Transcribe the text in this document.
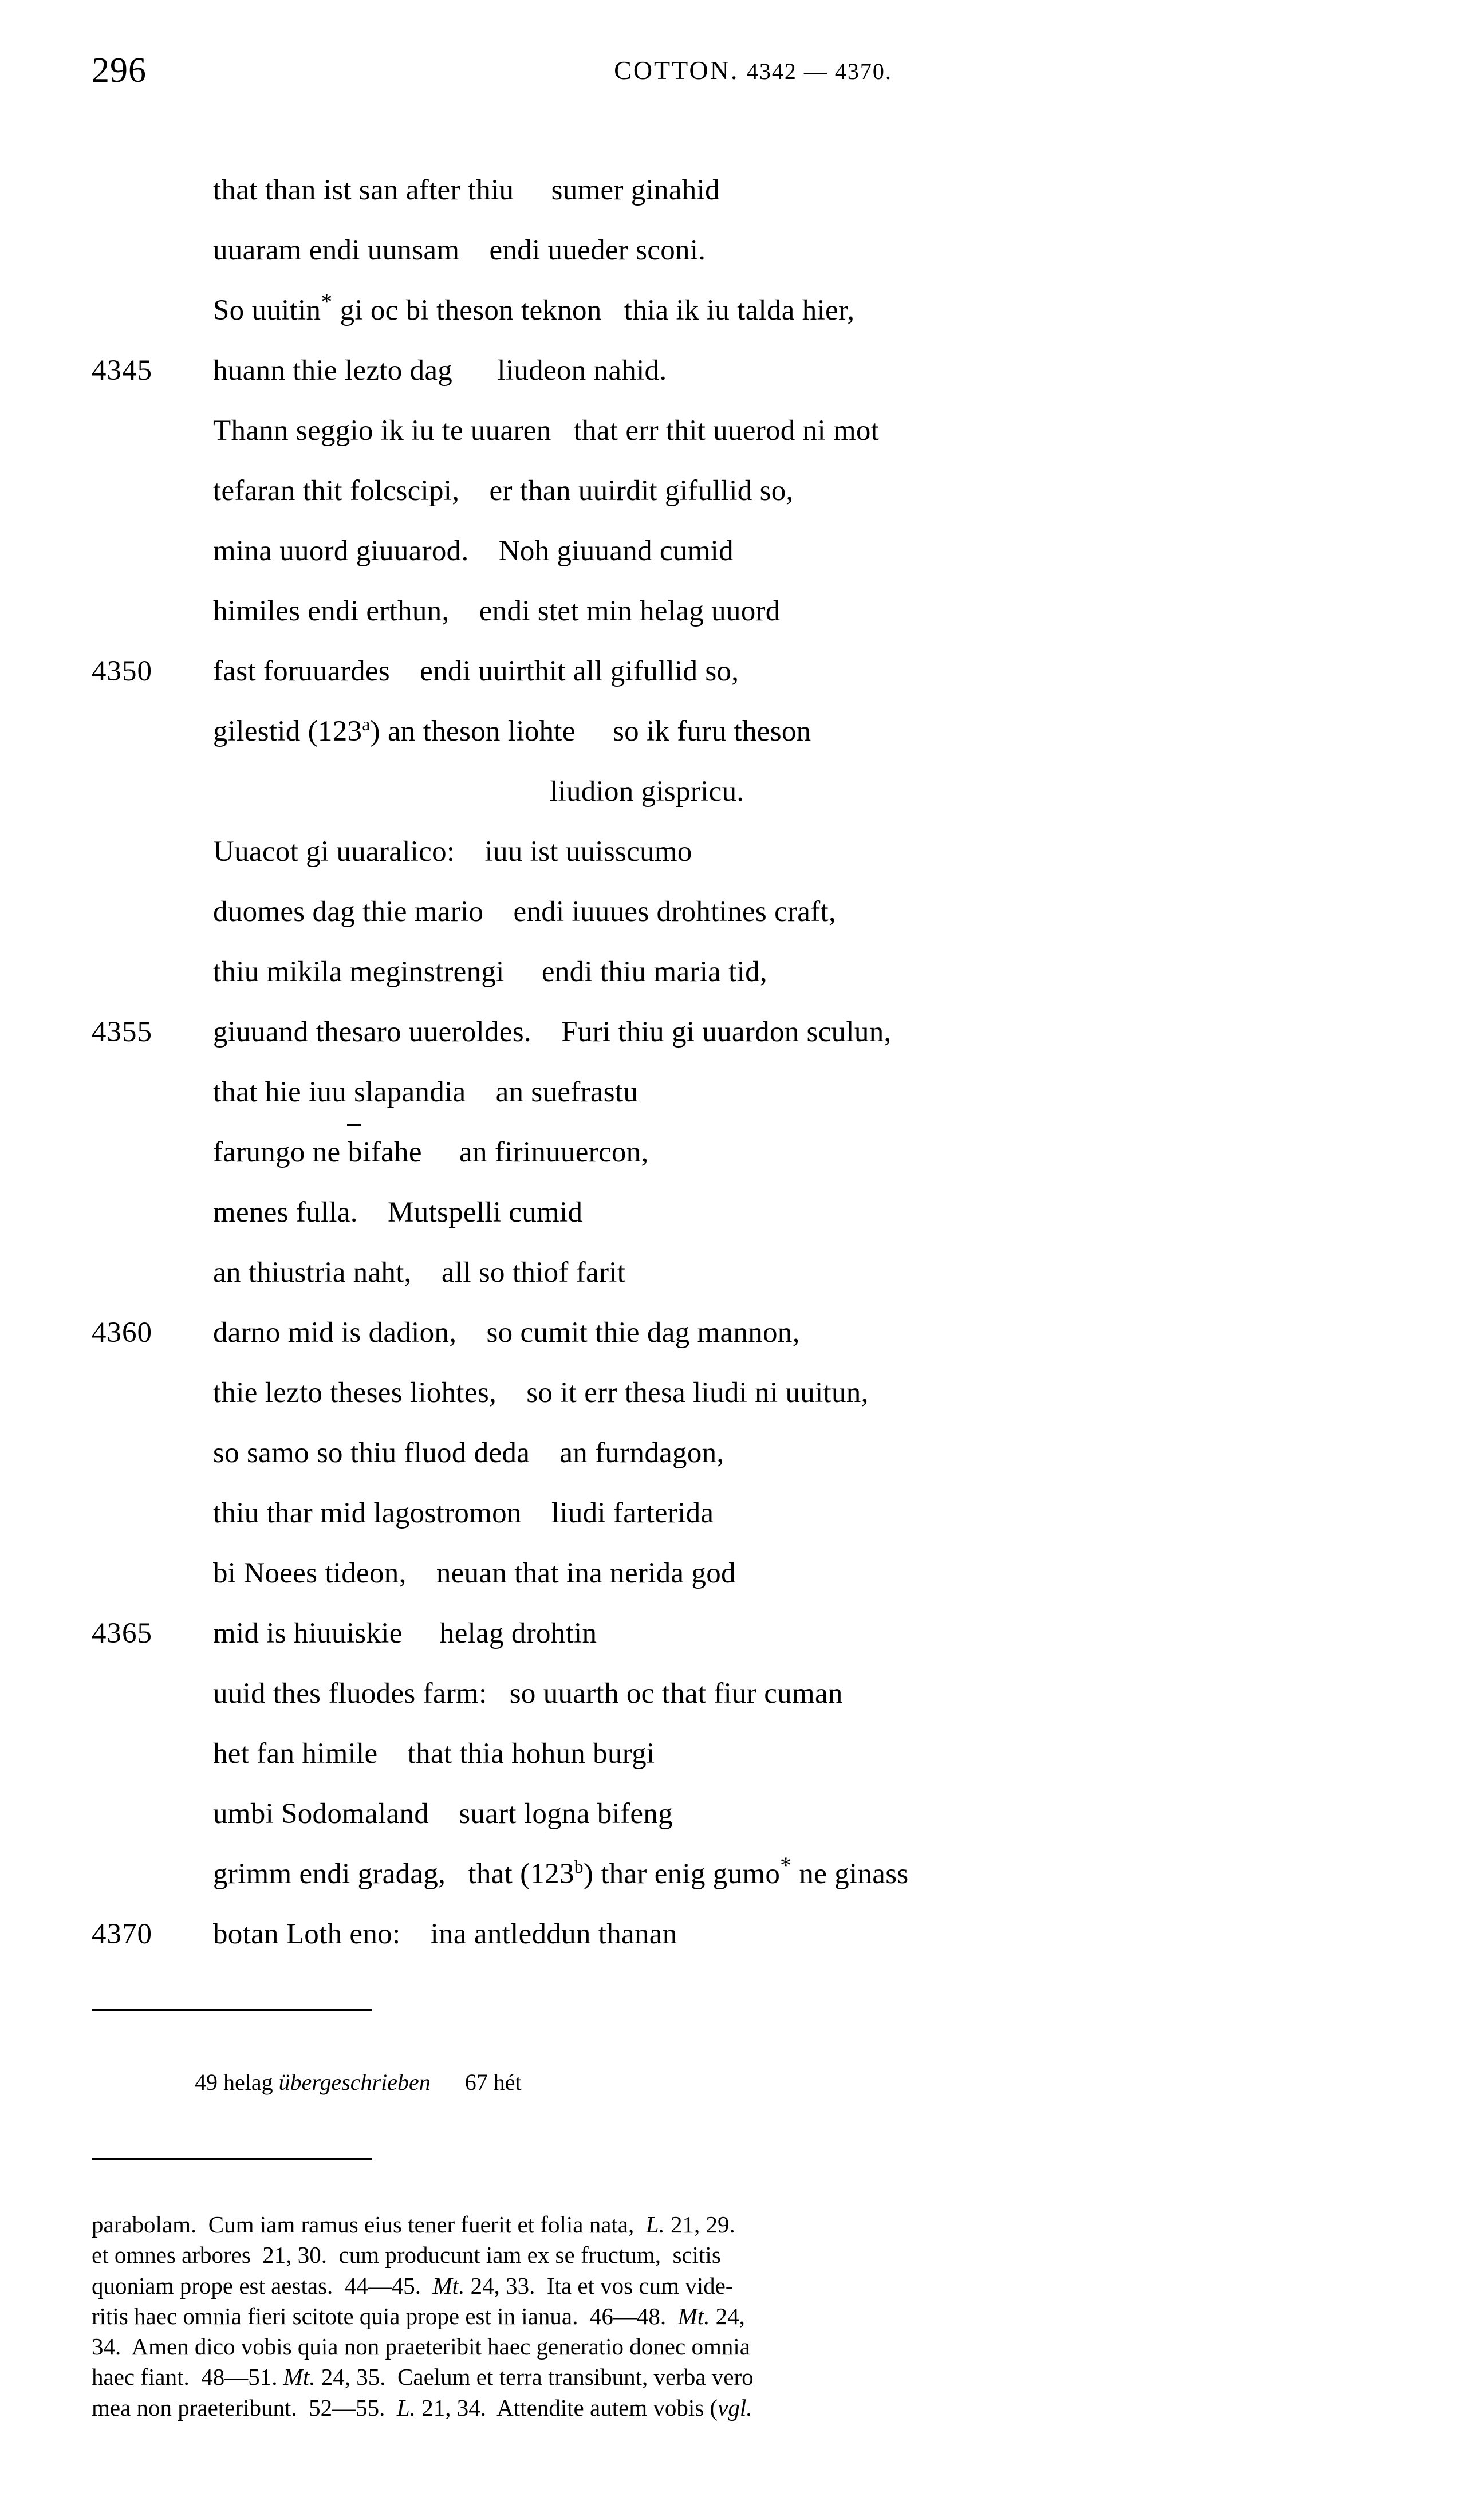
296	COTTON. 4342 — 4370.
that than ist san after thiu     sumer ginahid
uuaram endi uunsam    endi uueder sconi.
So uuitin* gi oc bi theson teknon   thia ik iu talda hier,
4345	huann thie lezto dag      liudeon nahid.
Thann seggio ik iu te uuaren   that err thit uuerod ni mot
tefaran thit folcscipi,    er than uuirdit gifullid so,
mina uuord giuuarod.    Noh giuuand cumid
himiles endi erthun,    endi stet min helag uuord
4350	fast foruuardes    endi uuirthit all gifullid so,
gilestid (123$^a$) an theson liohte     so ik furu theson
liudion gispricu.
Uuacot gi uuaralico:    iuu ist uuisscumo
duomes dag thie mario    endi iuuues drohtines craft,
thiu mikila meginstrengi     endi thiu maria tid,
4355	giuuand thesaro uueroldes.    Furi thiu gi uuardon sculun,
that hie iuu slapandia    an suefrastu
farungo ne bifahe     an firinuuercon,
menes fulla.    Mutspelli cumid
an thiustria naht,    all so thiof farit
4360	darno mid is dadion,    so cumit thie dag mannon,
thie lezto theses liohtes,    so it err thesa liudi ni uuitun,
so samo so thiu fluod deda    an furndagon,
thiu thar mid lagostromon    liudi farterida
bi Noees tideon,    neuan that ina nerida god
4365	mid is hiuuiskie     helag drohtin
uuid thes fluodes farm:   so uuarth oc that fiur cuman
het fan himile    that thia hohun burgi
umbi Sodomaland    suart logna bifeng
grimm endi gradag,   that (123$^b$) thar enig gumo* ne ginass
4370	botan Loth eno:    ina antleddun thanan

49 helag übergeschrieben 67 hét

parabolam.  Cum iam ramus eius tener fuerit et folia nata,  L. 21, 29.
et omnes arbores  21, 30.  cum producunt iam ex se fructum,  scitis
quoniam prope est aestas.  44—45.  Mt. 24, 33.  Ita et vos cum vide-
ritis haec omnia fieri scitote quia prope est in ianua.  46—48.  Mt. 24,
34.  Amen dico vobis quia non praeteribit haec generatio donec omnia
haec fiant.  48—51. Mt. 24, 35.  Caelum et terra transibunt, verba vero
mea non praeteribunt.  52—55.  L. 21, 34.  Attendite autem vobis (vgl.
